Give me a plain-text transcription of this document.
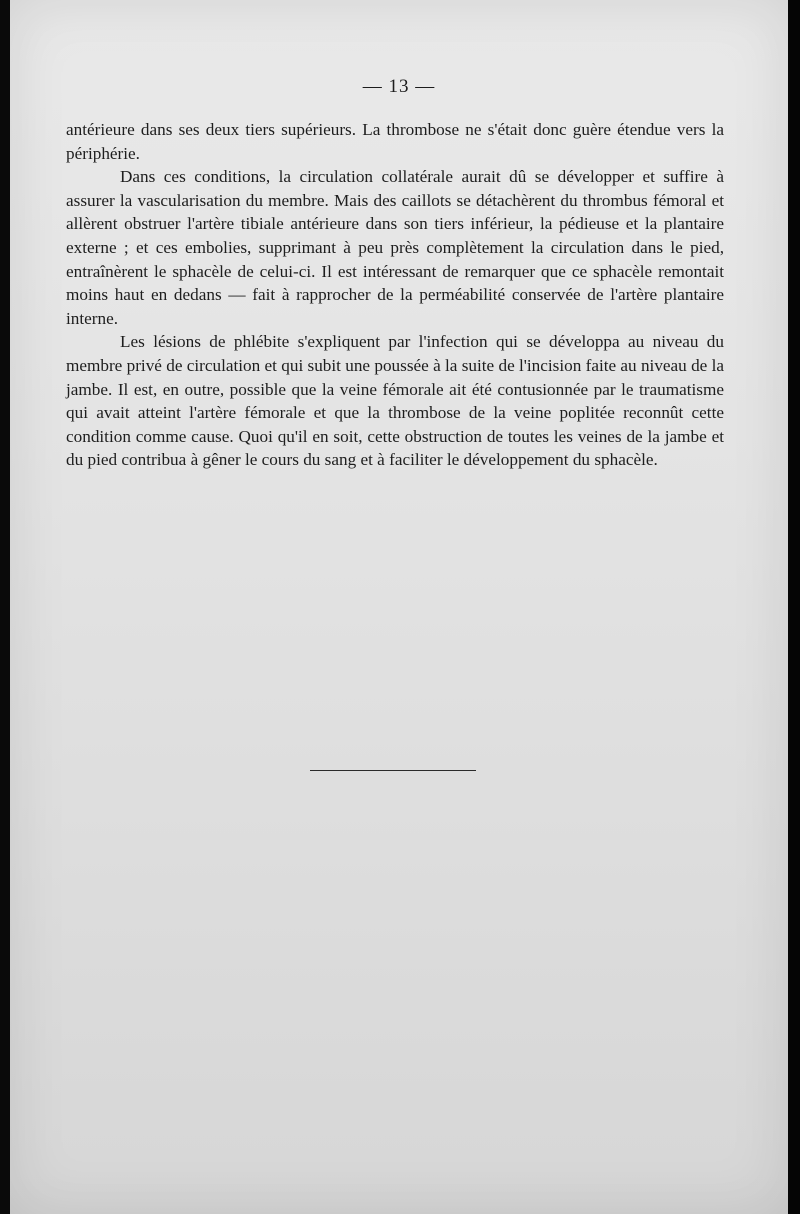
— 13 —

antérieure dans ses deux tiers supérieurs. La thrombose ne s'était donc guère étendue vers la périphérie.

Dans ces conditions, la circulation collatérale aurait dû se développer et suffire à assurer la vascularisation du membre. Mais des caillots se détachèrent du thrombus fémoral et allèrent obstruer l'artère tibiale antérieure dans son tiers inférieur, la pédieuse et la plantaire externe ; et ces embolies, supprimant à peu près complètement la circulation dans le pied, entraînèrent le sphacèle de celui-ci. Il est intéressant de remarquer que ce sphacèle remontait moins haut en dedans — fait à rapprocher de la perméabilité conservée de l'artère plantaire interne.

Les lésions de phlébite s'expliquent par l'infection qui se développa au niveau du membre privé de circulation et qui subit une poussée à la suite de l'incision faite au niveau de la jambe. Il est, en outre, possible que la veine fémorale ait été contusionnée par le traumatisme qui avait atteint l'artère fémorale et que la thrombose de la veine poplitée reconnût cette condition comme cause. Quoi qu'il en soit, cette obstruction de toutes les veines de la jambe et du pied contribua à gêner le cours du sang et à faciliter le développement du sphacèle.
